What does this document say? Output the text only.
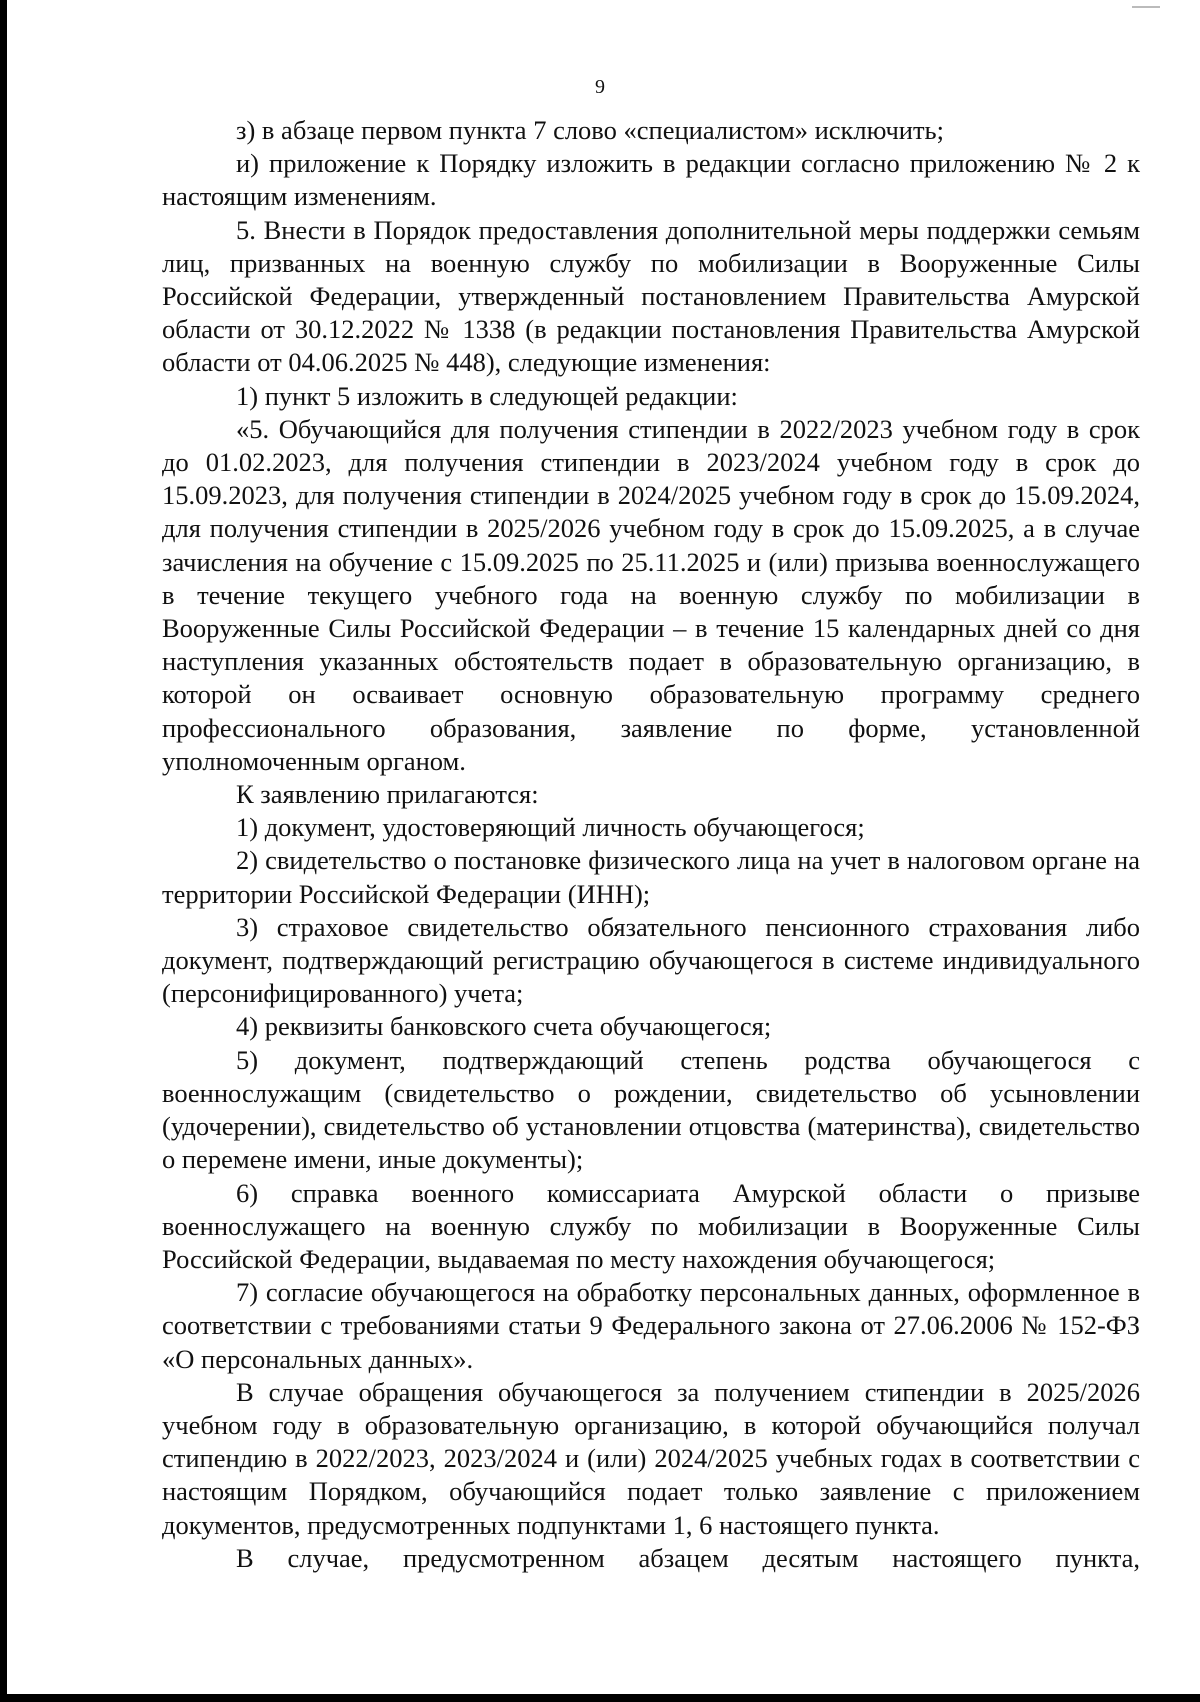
9

з) в абзаце первом пункта 7 слово «специалистом» исключить;

и) приложение к Порядку изложить в редакции согласно приложению № 2 к настоящим изменениям.

5. Внести в Порядок предоставления дополнительной меры поддержки семьям лиц, призванных на военную службу по мобилизации в Вооруженные Силы Российской Федерации, утвержденный постановлением Правительства Амурской области от 30.12.2022 № 1338 (в редакции постановления Правительства Амурской области от 04.06.2025 № 448), следующие изменения:

1) пункт 5 изложить в следующей редакции:

«5. Обучающийся для получения стипендии в 2022/2023 учебном году в срок до 01.02.2023, для получения стипендии в 2023/2024 учебном году в срок до 15.09.2023, для получения стипендии в 2024/2025 учебном году в срок до 15.09.2024, для получения стипендии в 2025/2026 учебном году в срок до 15.09.2025, а в случае зачисления на обучение с 15.09.2025 по 25.11.2025 и (или) призыва военнослужащего в течение текущего учебного года на военную службу по мобилизации в Вооруженные Силы Российской Федерации – в течение 15 календарных дней со дня наступления указанных обстоятельств подает в образовательную организацию, в которой он осваивает основную образовательную программу среднего профессионального образования, заявление по форме, установленной уполномоченным органом.

К заявлению прилагаются:

1) документ, удостоверяющий личность обучающегося;

2) свидетельство о постановке физического лица на учет в налоговом органе на территории Российской Федерации (ИНН);

3) страховое свидетельство обязательного пенсионного страхования либо документ, подтверждающий регистрацию обучающегося в системе индивидуального (персонифицированного) учета;

4) реквизиты банковского счета обучающегося;

5) документ, подтверждающий степень родства обучающегося с военнослужащим (свидетельство о рождении, свидетельство об усыновлении (удочерении), свидетельство об установлении отцовства (материнства), свидетельство о перемене имени, иные документы);

6) справка военного комиссариата Амурской области о призыве военнослужащего на военную службу по мобилизации в Вооруженные Силы Российской Федерации, выдаваемая по месту нахождения обучающегося;

7) согласие обучающегося на обработку персональных данных, оформленное в соответствии с требованиями статьи 9 Федерального закона от 27.06.2006 № 152-ФЗ «О персональных данных».

В случае обращения обучающегося за получением стипендии в 2025/2026 учебном году в образовательную организацию, в которой обучающийся получал стипендию в 2022/2023, 2023/2024 и (или) 2024/2025 учебных годах в соответствии с настоящим Порядком, обучающийся подает только заявление с приложением документов, предусмотренных подпунктами 1, 6 настоящего пункта.

В случае, предусмотренном абзацем десятым настоящего пункта,
